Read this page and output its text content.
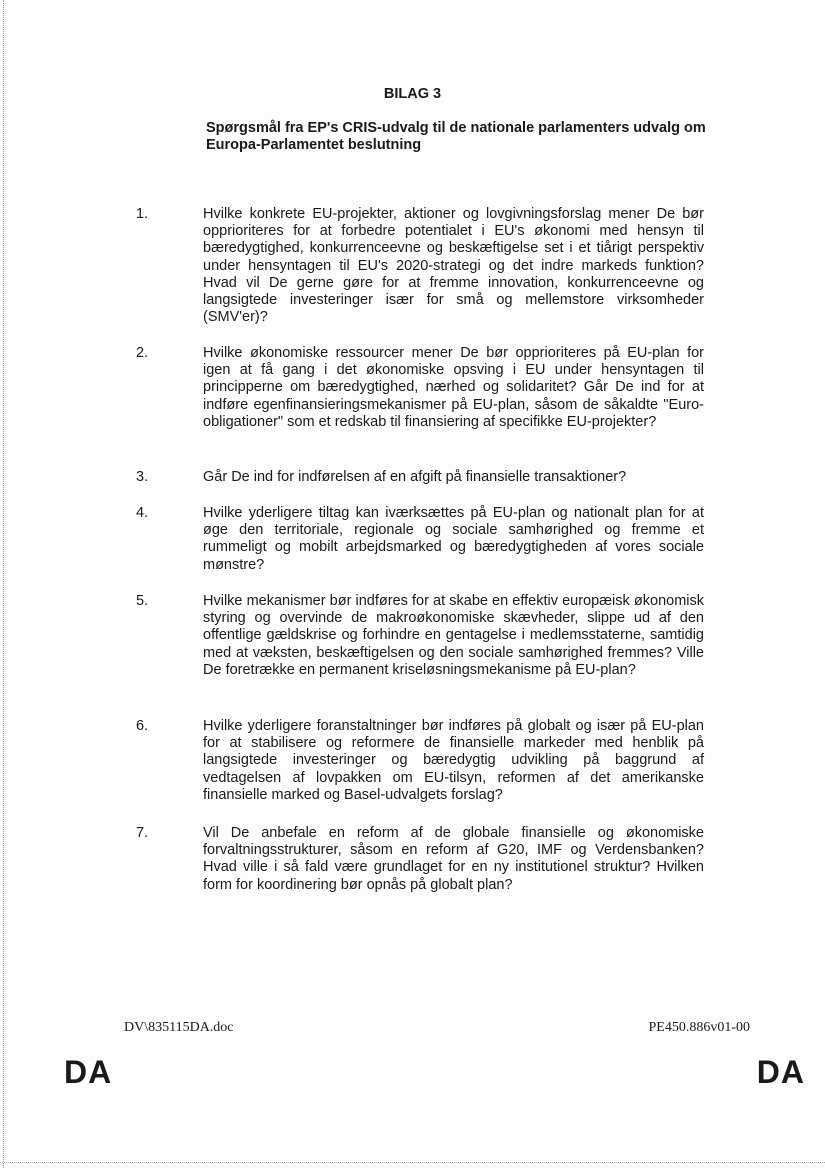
BILAG 3
Spørgsmål fra EP's CRIS-udvalg til de nationale parlamenters udvalg om Europa-Parlamentet beslutning
1.	Hvilke konkrete EU-projekter, aktioner og lovgivningsforslag mener De bør opprioriteres for at forbedre potentialet i EU's økonomi med hensyn til bæredygtighed, konkurrenceevne og beskæftigelse set i et tiårigt perspektiv under hensyntagen til EU's 2020-strategi og det indre markeds funktion? Hvad vil De gerne gøre for at fremme innovation, konkurrenceevne og langsigtede investeringer især for små og mellemstore virksomheder (SMV'er)?
2.	Hvilke økonomiske ressourcer mener De bør opprioriteres på EU-plan for igen at få gang i det økonomiske opsving i EU under hensyntagen til principperne om bæredygtighed, nærhed og solidaritet? Går De ind for at indføre egenfinansieringsmekanismer på EU-plan, såsom de såkaldte "Euro-obligationer" som et redskab til finansiering af specifikke EU-projekter?
3.	Går De ind for indførelsen af en afgift på finansielle transaktioner?
4.	Hvilke yderligere tiltag kan iværksættes på EU-plan og nationalt plan for at øge den territoriale, regionale og sociale samhørighed og fremme et rummeligt og mobilt arbejdsmarked og bæredygtigheden af vores sociale mønstre?
5.	Hvilke mekanismer bør indføres for at skabe en effektiv europæisk økonomisk styring og overvinde de makroøkonomiske skævheder, slippe ud af den offentlige gældskrise og forhindre en gentagelse i medlemsstaterne, samtidig med at væksten, beskæftigelsen og den sociale samhørighed fremmes? Ville De foretrække en permanent kriseløsningsmekanisme på EU-plan?
6.	Hvilke yderligere foranstaltninger bør indføres på globalt og især på EU-plan for at stabilisere og reformere de finansielle markeder med henblik på langsigtede investeringer og bæredygtig udvikling på baggrund af vedtagelsen af lovpakken om EU-tilsyn, reformen af det amerikanske finansielle marked og Basel-udvalgets forslag?
7.	Vil De anbefale en reform af de globale finansielle og økonomiske forvaltningsstrukturer, såsom en reform af G20, IMF og Verdensbanken? Hvad ville i så fald være grundlaget for en ny institutionel struktur? Hvilken form for koordinering bør opnås på globalt plan?
DV\835115DA.doc	PE450.886v01-00
DA	DA
